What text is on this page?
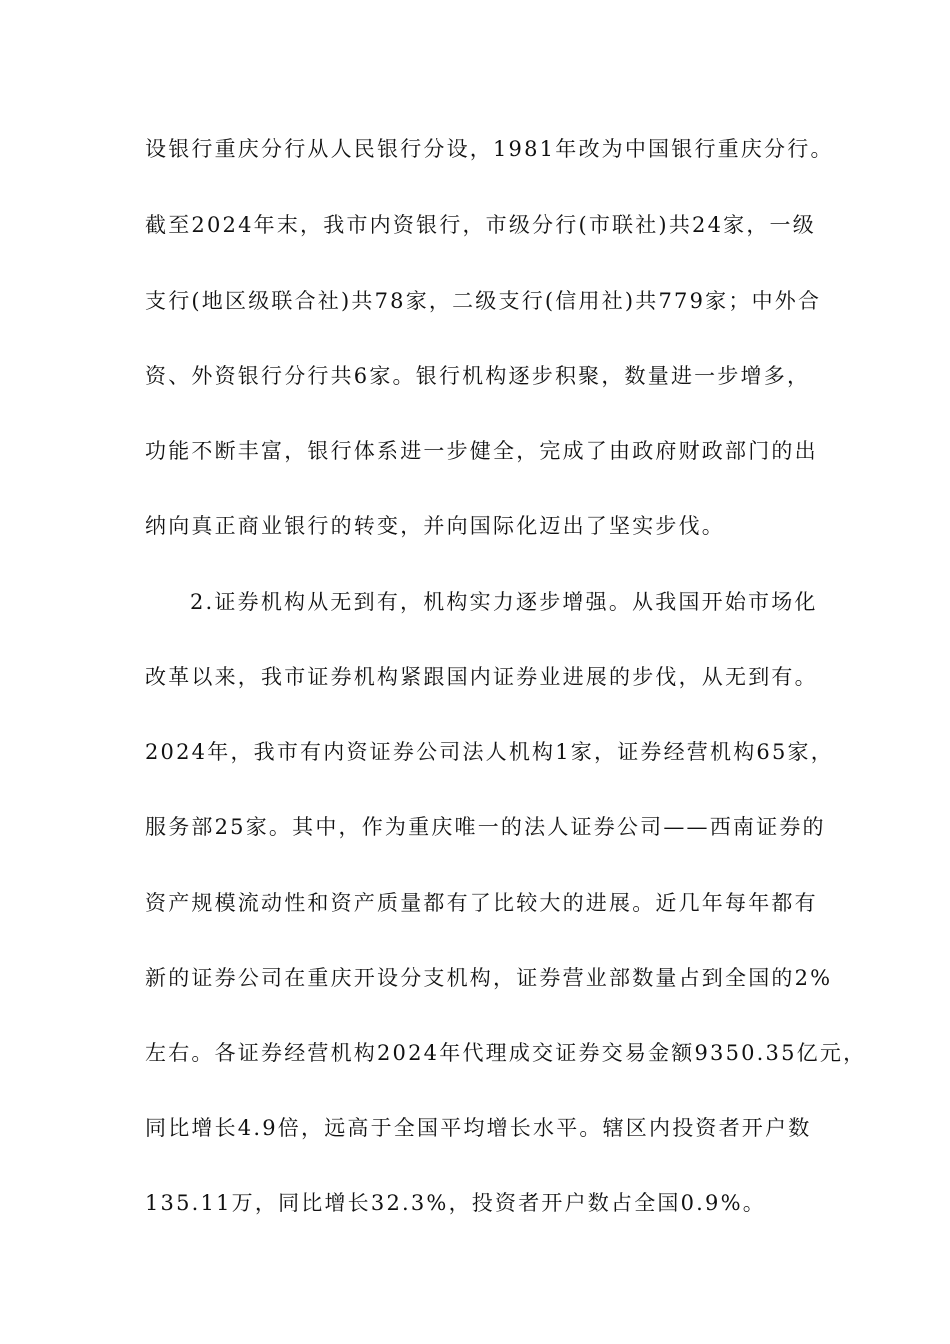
设银行重庆分行从人民银行分设，1981年改为中国银行重庆分行。
截至2024年末，我市内资银行，市级分行(市联社)共24家，一级
支行(地区级联合社)共78家，二级支行(信用社)共779家；中外合
资、外资银行分行共6家。银行机构逐步积聚，数量进一步增多，
功能不断丰富，银行体系进一步健全，完成了由政府财政部门的出
纳向真正商业银行的转变，并向国际化迈出了坚实步伐。
2.证券机构从无到有，机构实力逐步增强。从我国开始市场化
改革以来，我市证券机构紧跟国内证券业进展的步伐，从无到有。
2024年，我市有内资证券公司法人机构1家，证券经营机构65家，
服务部25家。其中，作为重庆唯一的法人证券公司——西南证券的
资产规模流动性和资产质量都有了比较大的进展。近几年每年都有
新的证券公司在重庆开设分支机构，证券营业部数量占到全国的2%
左右。各证券经营机构2024年代理成交证券交易金额9350.35亿元，
同比增长4.9倍，远高于全国平均增长水平。辖区内投资者开户数
135.11万，同比增长32.3%，投资者开户数占全国0.9%。
